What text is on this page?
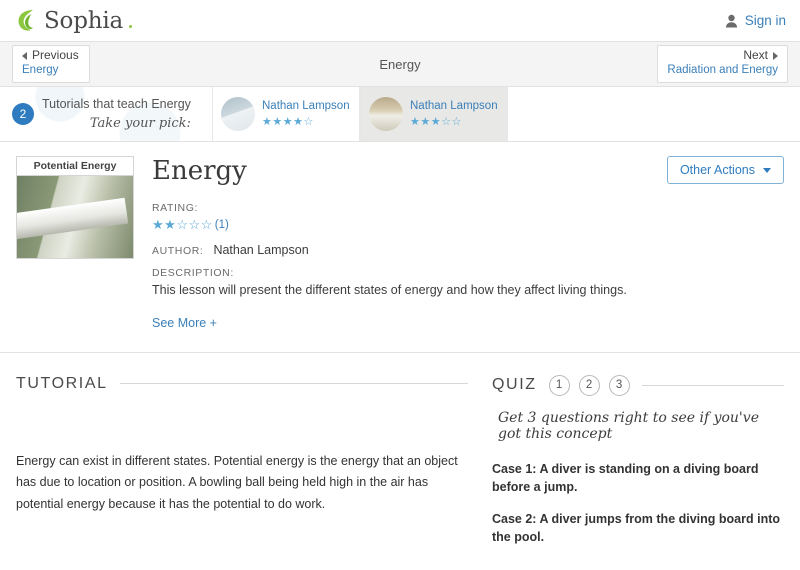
Sophia	Sign in
Previous
Energy	Energy
Next
Radiation and Energy
2
Tutorials that teach Energy
Take your pick:
Nathan Lampson
★★★★☆
Nathan Lampson
★★★☆☆
Potential Energy	Energy
RATING:
★★ ☆☆☆ (1)
AUTHOR: Nathan Lampson
DESCRIPTION:
This lesson will present the different states of energy and how they affect living things.
See More +
Other Actions
TUTORIAL
Energy can exist in different states. Potential energy is the energy that an object has due to location or position. A bowling ball being held high in the air has potential energy because it has the potential to do work.
QUIZ	1	2	3
Get 3 questions right to see if you've got this concept
Case 1: A diver is standing on a diving board before a jump.
Case 2: A diver jumps from the diving board into the pool.
